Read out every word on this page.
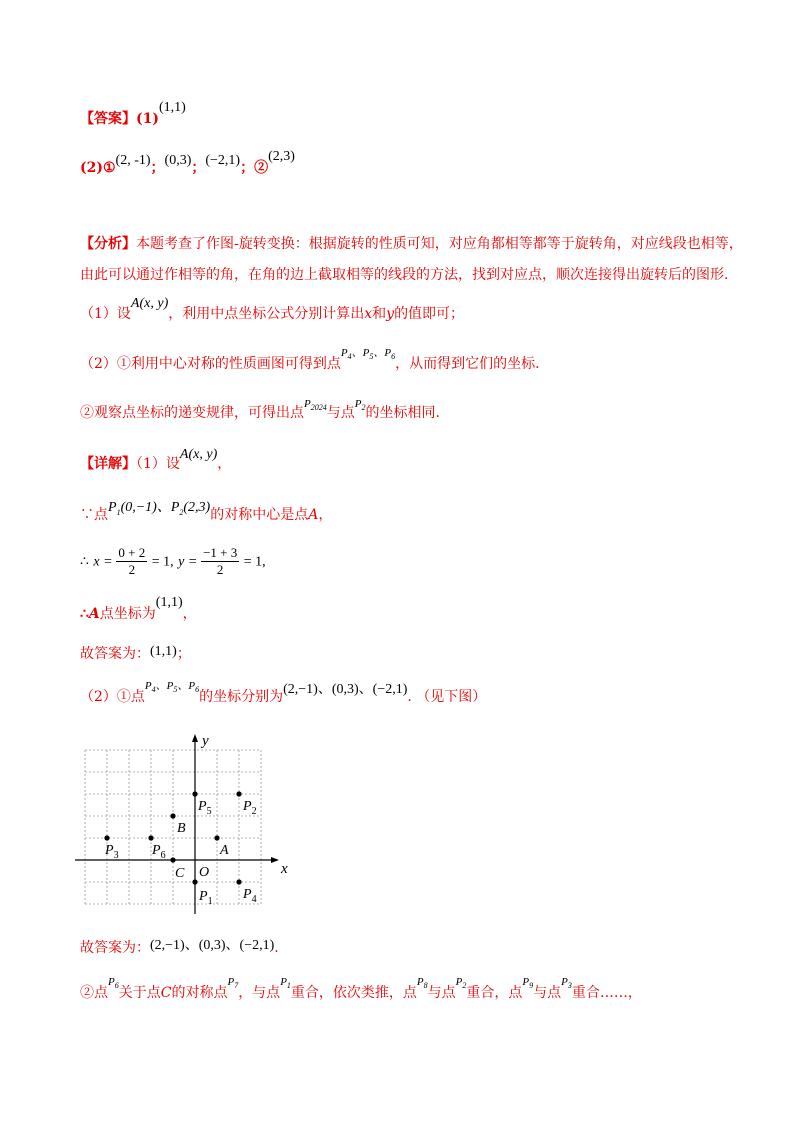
【答案】(1)(1,1)
(2)①(2, -1)；(0,3)；(−2,1)；②(2,3)
【分析】本题考查了作图-旋转变换：根据旋转的性质可知，对应角都相等都等于旋转角，对应线段也相等，
由此可以通过作相等的角，在角的边上截取相等的线段的方法，找到对应点，顺次连接得出旋转后的图形.
（1）设A(x, y)，利用中点坐标公式分别计算出x和y的值即可；
（2）①利用中心对称的性质画图可得到点$^{P_4、P_5、P_6}$，从而得到它们的坐标.
②观察点坐标的递变规律，可得出点$^{P_{2024}}$与点$^{P_2}$的坐标相同.
【详解】（1）设A(x, y)，
∵点$P_1(0,-1)$、$P_2(2,3)$的对称中心是点A，
∴ $x = \frac{0 + 2}{2} = 1$, $y = \frac{-1 + 3}{2} = 1$,
∴A点坐标为(1,1)，
故答案为：(1,1)；
（2）①点$^{P_4、P_5、P_6}$的坐标分别为(2,−1)、(0,3)、(−2,1). （见下图）
x
y
O
$P_1$
$P_2$
$P_3$
$P_4$
$P_5$
$P_6$	A
B
C
故答案为：(2,−1)、(0,3)、(−2,1).
②点$^{P_6}$关于点C的对称点$^{P_7}$，与点$^{P_1}$重合，依次类推，点$^{P_8}$与点$^{P_2}$重合，点$^{P_9}$与点$^{P_3}$重合……，
